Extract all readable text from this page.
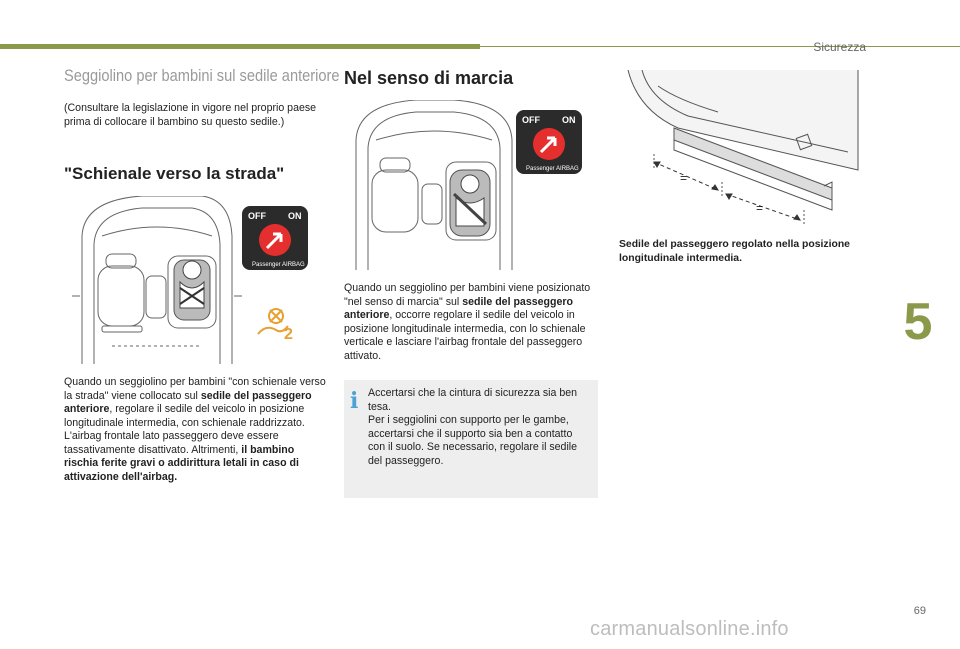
Sicurezza
5
69
carmanualsonline.info
Seggiolino per bambini sul sedile anteriore
(Consultare la legislazione in vigore nel proprio paese prima di collocare il bambino su questo sedile.)
"Schienale verso la strada"
OFF ON
Passenger AIRBAG
2
Quando un seggiolino per bambini "con schienale verso la strada" viene collocato sul sedile del passeggero anteriore, regolare il sedile del veicolo in posizione longitudinale intermedia, con schienale raddrizzato.
L'airbag frontale lato passeggero deve essere tassativamente disattivato. Altrimenti, il bambino rischia ferite gravi o addirittura letali in caso di attivazione dell'airbag.
Nel senso di marcia
OFF ON
Passenger AIRBAG
Quando un seggiolino per bambini viene posizionato "nel senso di marcia" sul sedile del passeggero anteriore, occorre regolare il sedile del veicolo in posizione longitudinale intermedia, con lo schienale verticale e lasciare l'airbag frontale del passeggero attivato.
i Accertarsi che la cintura di sicurezza sia ben tesa.
Per i seggiolini con supporto per le gambe, accertarsi che il supporto sia ben a contatto con il suolo. Se necessario, regolare il sedile del passeggero.
=
=
Sedile del passeggero regolato nella posizione longitudinale intermedia.
